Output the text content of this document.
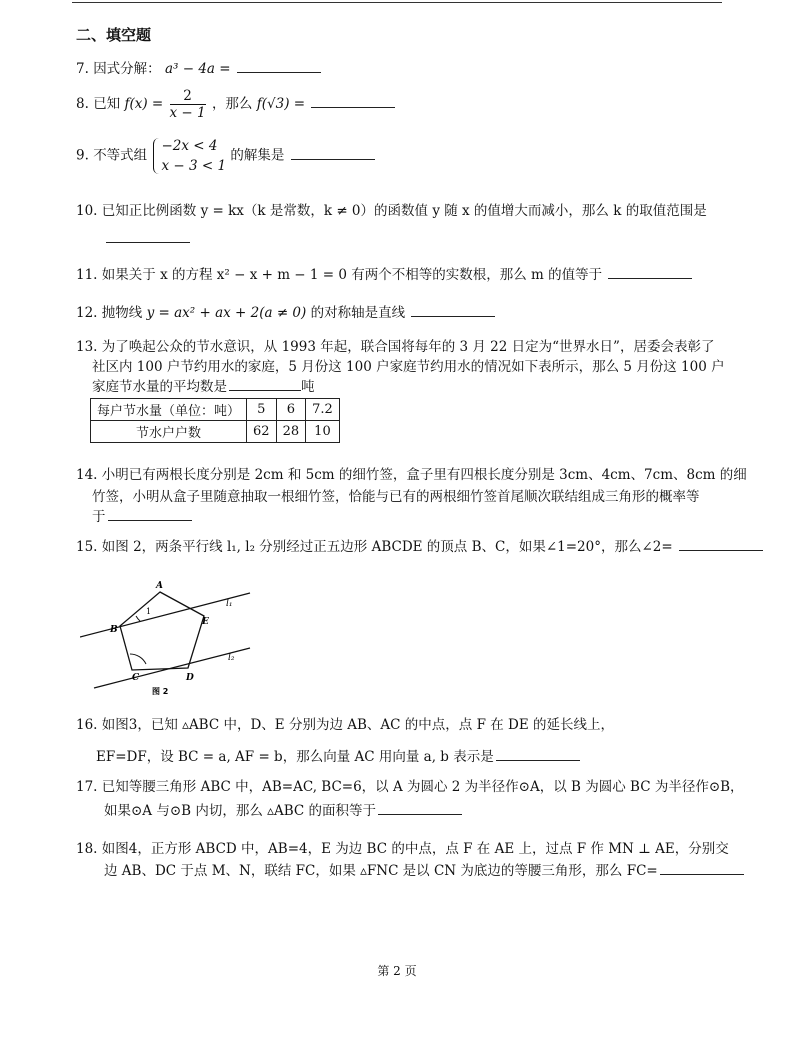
二、填空题
7. 因式分解： a³ − 4a =
8. 已知 $f(x) = \frac{2}{x - 1}$ ，那么 f(√3) =
9. 不等式组
−2x < 4
x − 3 < 1
的解集是
10. 已知正比例函数 y = kx（k 是常数，k ≠ 0）的函数值 y 随 x 的值增大而减小，那么 k 的取值范围是
11. 如果关于 x 的方程 x² − x + m − 1 = 0 有两个不相等的实数根，那么 m 的值等于
12. 抛物线 y = ax² + ax + 2(a ≠ 0) 的对称轴是直线
13. 为了唤起公众的节水意识，从 1993 年起，联合国将每年的 3 月 22 日定为“世界水日”，居委会表彰了
社区内 100 户节约用水的家庭，5 月份这 100 户家庭节约用水的情况如下表所示，那么 5 月份这 100 户
家庭节水量的平均数是	吨
每户节水量（单位：吨）	5	6	7.2
节水户户数	62	28	10
14. 小明已有两根长度分别是 2cm 和 5cm 的细竹签，盒子里有四根长度分别是 3cm、4cm、7cm、8cm 的细
竹签，小明从盒子里随意抽取一根细竹签，恰能与已有的两根细竹签首尾顺次联结组成三角形的概率等
于
15. 如图 2，两条平行线 l₁, l₂ 分别经过正五边形 ABCDE 的顶点 B、C，如果∠1=20°，那么∠2=
A
B
C	D
E
1
l₁
l₂
图 2
16. 如图3，已知 ▵ABC 中，D、E 分别为边 AB、AC 的中点，点 F 在 DE 的延长线上，
EF=DF，设 BC = a, AF = b，那么向量 AC 用向量 a, b 表示是
17. 已知等腰三角形 ABC 中，AB=AC, BC=6，以 A 为圆心 2 为半径作⊙A，以 B 为圆心 BC 为半径作⊙B，
如果⊙A 与⊙B 内切，那么 ▵ABC 的面积等于
18. 如图4，正方形 ABCD 中，AB=4，E 为边 BC 的中点，点 F 在 AE 上，过点 F 作 MN ⊥ AE，分别交
边 AB、DC 于点 M、N，联结 FC，如果 ▵FNC 是以 CN 为底边的等腰三角形，那么 FC=
第 2 页
